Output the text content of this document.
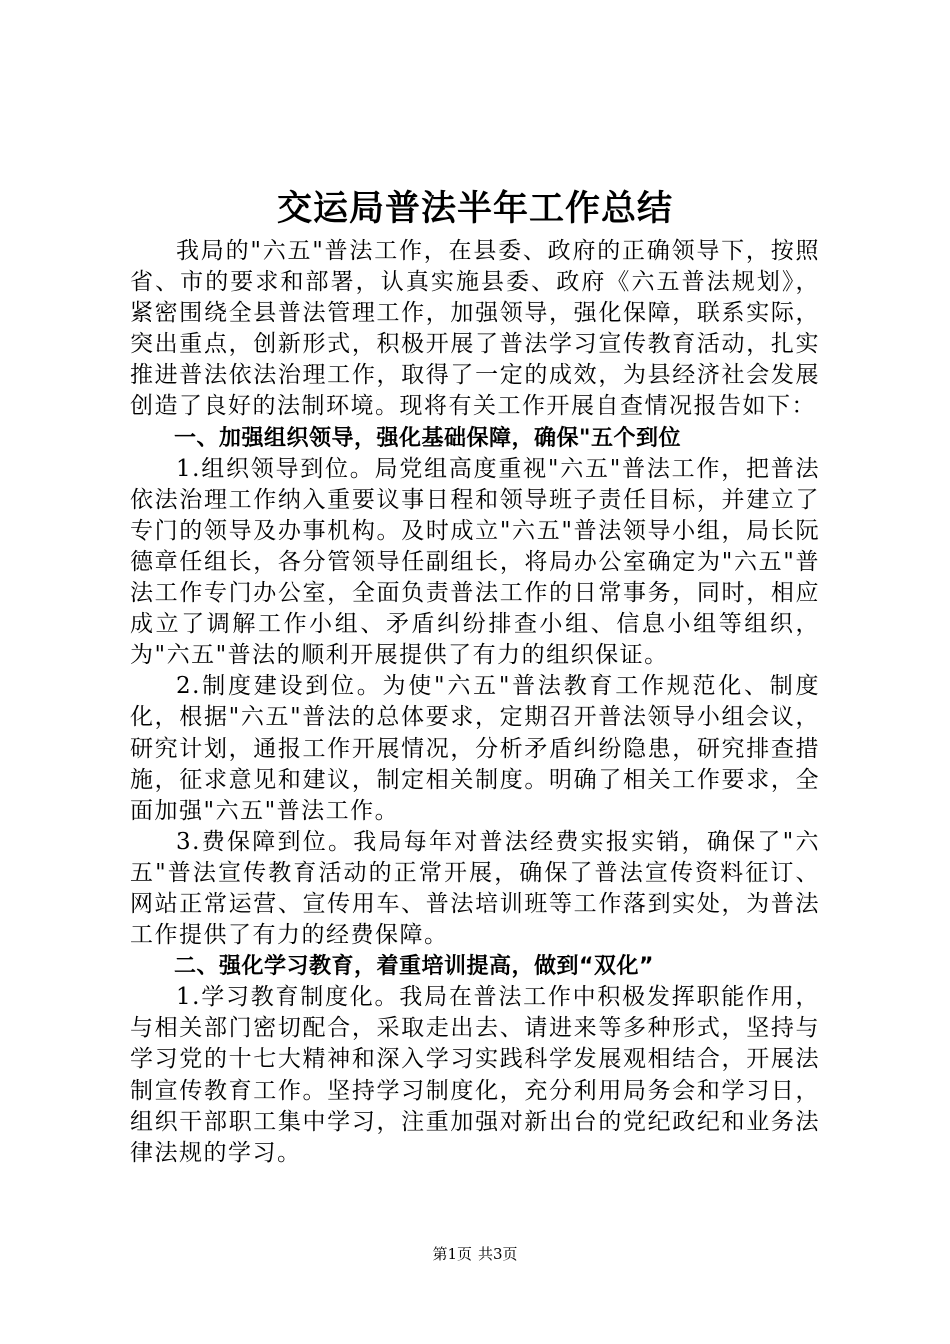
交运局普法半年工作总结

我局的"六五"普法工作，在县委、政府的正确领导下，按照省、市的要求和部署，认真实施县委、政府《六五普法规划》，紧密围绕全县普法管理工作，加强领导，强化保障，联系实际，突出重点，创新形式，积极开展了普法学习宣传教育活动，扎实推进普法依法治理工作，取得了一定的成效，为县经济社会发展创造了良好的法制环境。现将有关工作开展自查情况报告如下：

一、加强组织领导，强化基础保障，确保"五个到位

1.组织领导到位。局党组高度重视"六五"普法工作，把普法依法治理工作纳入重要议事日程和领导班子责任目标，并建立了专门的领导及办事机构。及时成立"六五"普法领导小组，局长阮德章任组长，各分管领导任副组长，将局办公室确定为"六五"普法工作专门办公室，全面负责普法工作的日常事务，同时，相应成立了调解工作小组、矛盾纠纷排查小组、信息小组等组织，为"六五"普法的顺利开展提供了有力的组织保证。

2.制度建设到位。为使"六五"普法教育工作规范化、制度化，根据"六五"普法的总体要求，定期召开普法领导小组会议，研究计划，通报工作开展情况，分析矛盾纠纷隐患，研究排查措施，征求意见和建议，制定相关制度。明确了相关工作要求，全面加强"六五"普法工作。

3.费保障到位。我局每年对普法经费实报实销，确保了"六五"普法宣传教育活动的正常开展，确保了普法宣传资料征订、网站正常运营、宣传用车、普法培训班等工作落到实处，为普法工作提供了有力的经费保障。

二、强化学习教育，着重培训提高，做到“双化”

1.学习教育制度化。我局在普法工作中积极发挥职能作用，与相关部门密切配合，采取走出去、请进来等多种形式，坚持与学习党的十七大精神和深入学习实践科学发展观相结合，开展法制宣传教育工作。坚持学习制度化，充分利用局务会和学习日，组织干部职工集中学习，注重加强对新出台的党纪政纪和业务法律法规的学习。

第1页 共3页
